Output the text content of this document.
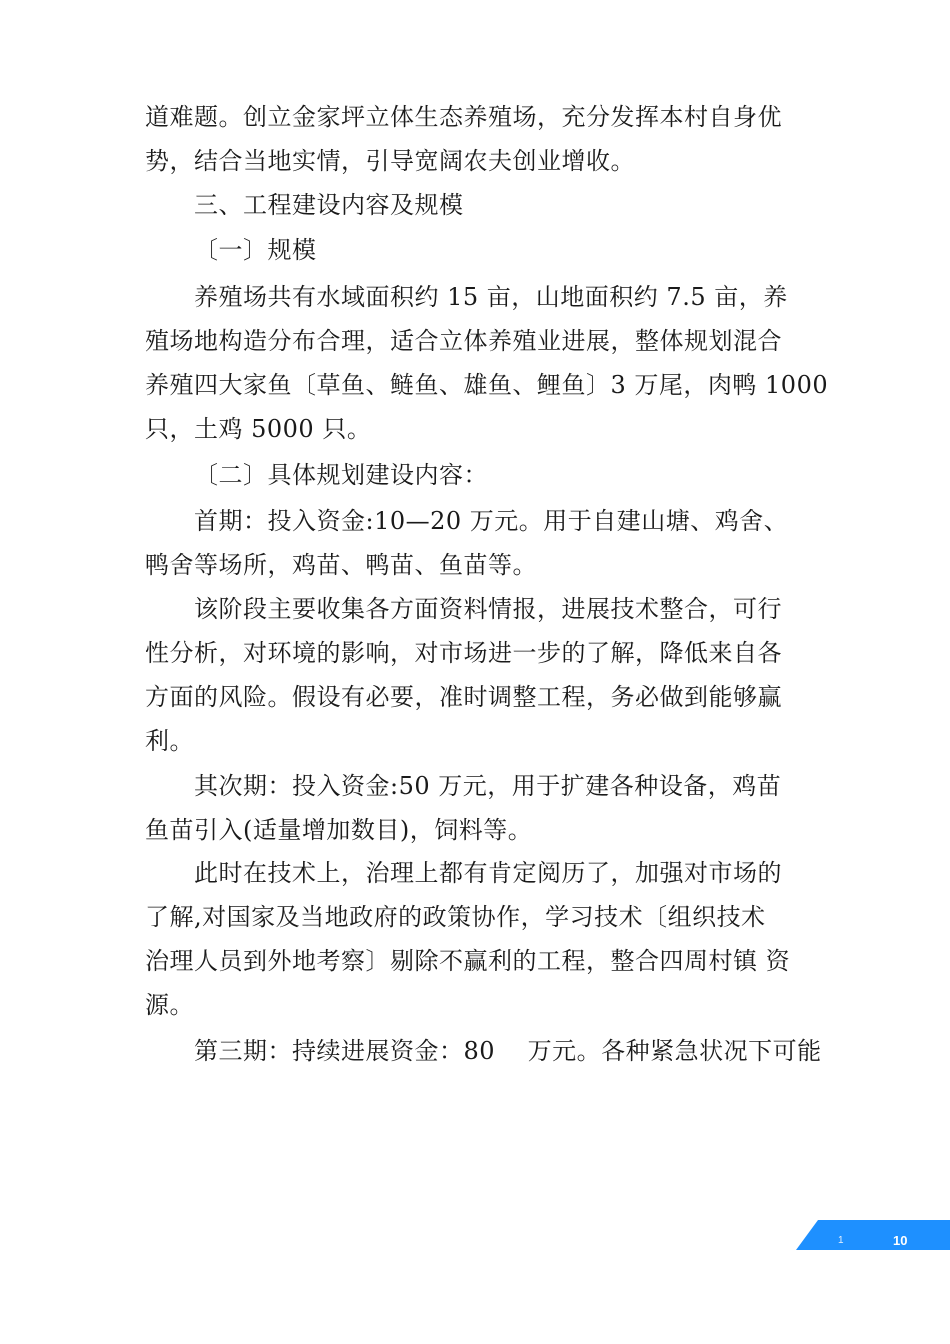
道难题。创立金家坪立体生态养殖场，充分发挥本村自身优
势，结合当地实情，引导宽阔农夫创业增收。
三、工程建设内容及规模
〔一〕规模
养殖场共有水域面积约 15 亩，山地面积约 7.5 亩，养
殖场地构造分布合理，适合立体养殖业进展，整体规划混合
养殖四大家鱼〔草鱼、鲢鱼、雄鱼、鲤鱼〕3 万尾，肉鸭 1000
只，土鸡 5000 只。
〔二〕具体规划建设内容：
首期：投入资金:10—20 万元。用于自建山塘、鸡舍、
鸭舍等场所，鸡苗、鸭苗、鱼苗等。
该阶段主要收集各方面资料情报，进展技术整合，可行
性分析，对环境的影响，对市场进一步的了解，降低来自各
方面的风险。假设有必要，准时调整工程，务必做到能够赢
利。
其次期：投入资金:50 万元，用于扩建各种设备，鸡苗
鱼苗引入(适量增加数目)，饲料等。
此时在技术上，治理上都有肯定阅历了，加强对市场的
了解,对国家及当地政府的政策协作，学习技术〔组织技术
治理人员到外地考察〕剔除不赢利的工程，整合四周村镇 资
源。
第三期：持续进展资金：80　 万元。各种紧急状况下可能
1	10
